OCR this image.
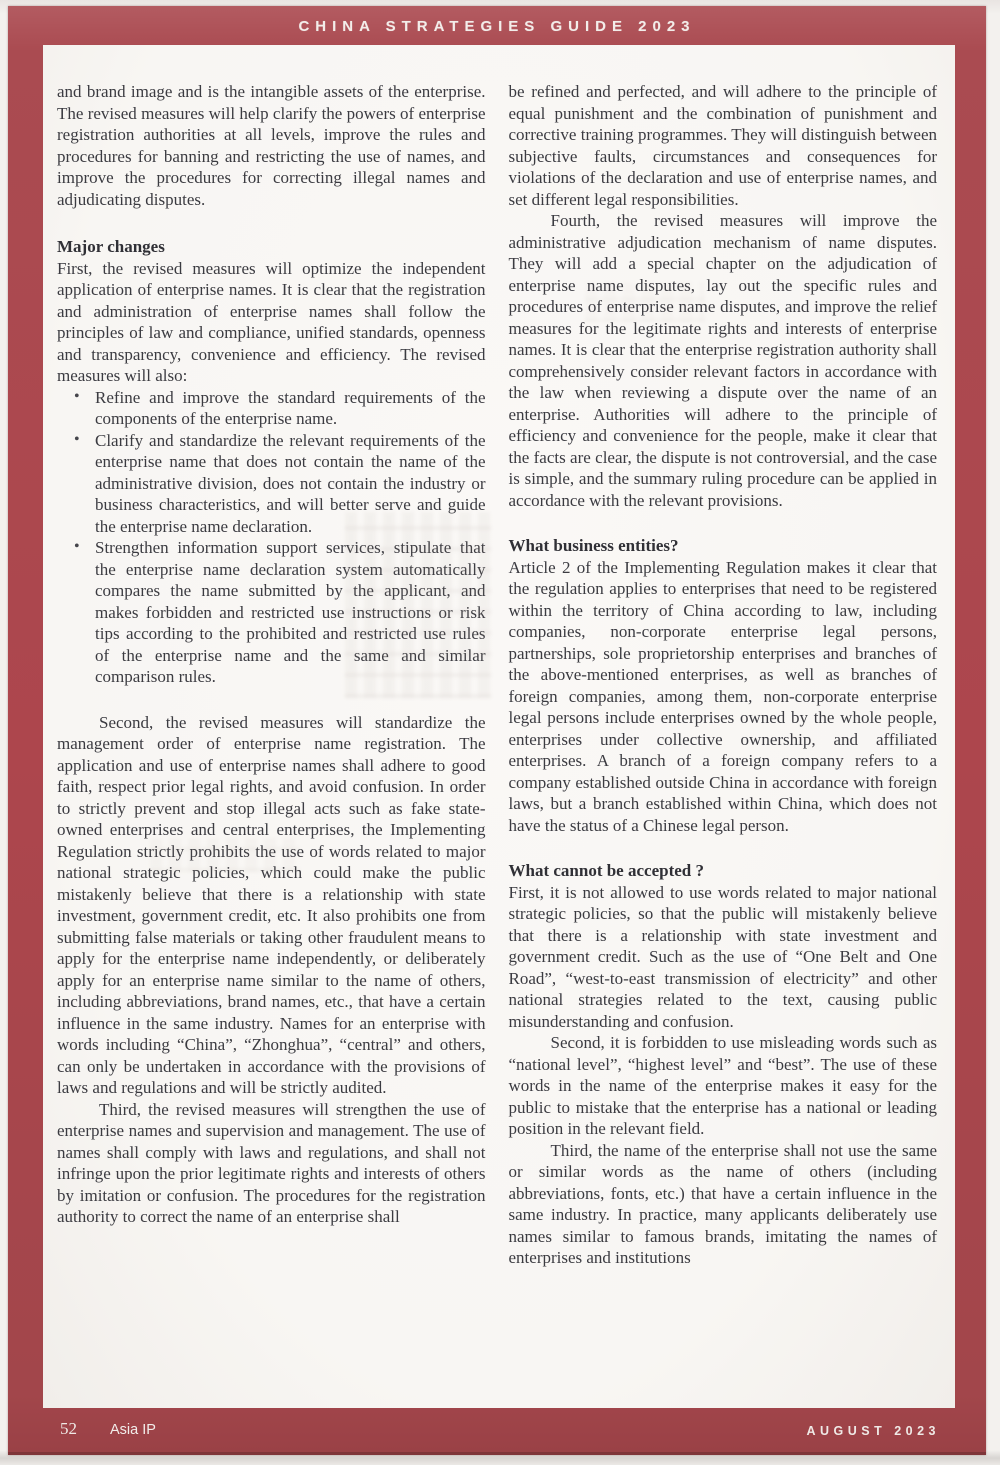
CHINA STRATEGIES GUIDE 2023

and brand image and is the intangible assets of the enterprise. The revised measures will help clarify the powers of enterprise registration authorities at all levels, improve the rules and procedures for banning and restricting the use of names, and improve the procedures for correcting illegal names and adjudicating disputes.

Major changes

First, the revised measures will optimize the independent application of enterprise names. It is clear that the registration and administration of enterprise names shall follow the principles of law and compliance, unified standards, openness and transparency, convenience and efficiency. The revised measures will also:

• Refine and improve the standard requirements of the components of the enterprise name.
• Clarify and standardize the relevant requirements of the enterprise name that does not contain the name of the administrative division, does not contain the industry or business characteristics, and will better serve and guide the enterprise name declaration.
• Strengthen information support services, stipulate that the enterprise name declaration system automatically compares the name submitted by the applicant, and makes forbidden and restricted use instructions or risk tips according to the prohibited and restricted use rules of the enterprise name and the same and similar comparison rules.

Second, the revised measures will standardize the management order of enterprise name registration. The application and use of enterprise names shall adhere to good faith, respect prior legal rights, and avoid confusion. In order to strictly prevent and stop illegal acts such as fake state-owned enterprises and central enterprises, the Implementing Regulation strictly prohibits the use of words related to major national strategic policies, which could make the public mistakenly believe that there is a relationship with state investment, government credit, etc. It also prohibits one from submitting false materials or taking other fraudulent means to apply for the enterprise name independently, or deliberately apply for an enterprise name similar to the name of others, including abbreviations, brand names, etc., that have a certain influence in the same industry. Names for an enterprise with words including “China”, “Zhonghua”, “central” and others, can only be undertaken in accordance with the provisions of laws and regulations and will be strictly audited.

Third, the revised measures will strengthen the use of enterprise names and supervision and management. The use of names shall comply with laws and regulations, and shall not infringe upon the prior legitimate rights and interests of others by imitation or confusion. The procedures for the registration authority to correct the name of an enterprise shall

be refined and perfected, and will adhere to the principle of equal punishment and the combination of punishment and corrective training programmes. They will distinguish between subjective faults, circumstances and consequences for violations of the declaration and use of enterprise names, and set different legal responsibilities.

Fourth, the revised measures will improve the administrative adjudication mechanism of name disputes. They will add a special chapter on the adjudication of enterprise name disputes, lay out the specific rules and procedures of enterprise name disputes, and improve the relief measures for the legitimate rights and interests of enterprise names. It is clear that the enterprise registration authority shall comprehensively consider relevant factors in accordance with the law when reviewing a dispute over the name of an enterprise. Authorities will adhere to the principle of efficiency and convenience for the people, make it clear that the facts are clear, the dispute is not controversial, and the case is simple, and the summary ruling procedure can be applied in accordance with the relevant provisions.

What business entities?

Article 2 of the Implementing Regulation makes it clear that the regulation applies to enterprises that need to be registered within the territory of China according to law, including companies, non-corporate enterprise legal persons, partnerships, sole proprietorship enterprises and branches of the above-mentioned enterprises, as well as branches of foreign companies, among them, non-corporate enterprise legal persons include enterprises owned by the whole people, enterprises under collective ownership, and affiliated enterprises. A branch of a foreign company refers to a company established outside China in accordance with foreign laws, but a branch established within China, which does not have the status of a Chinese legal person.

What cannot be accepted ?

First, it is not allowed to use words related to major national strategic policies, so that the public will mistakenly believe that there is a relationship with state investment and government credit. Such as the use of “One Belt and One Road”, “west-to-east transmission of electricity” and other national strategies related to the text, causing public misunderstanding and confusion.

Second, it is forbidden to use misleading words such as “national level”, “highest level” and “best”. The use of these words in the name of the enterprise makes it easy for the public to mistake that the enterprise has a national or leading position in the relevant field.

Third, the name of the enterprise shall not use the same or similar words as the name of others (including abbreviations, fonts, etc.) that have a certain influence in the same industry. In practice, many applicants deliberately use names similar to famous brands, imitating the names of enterprises and institutions

52 Asia IP	AUGUST 2023
